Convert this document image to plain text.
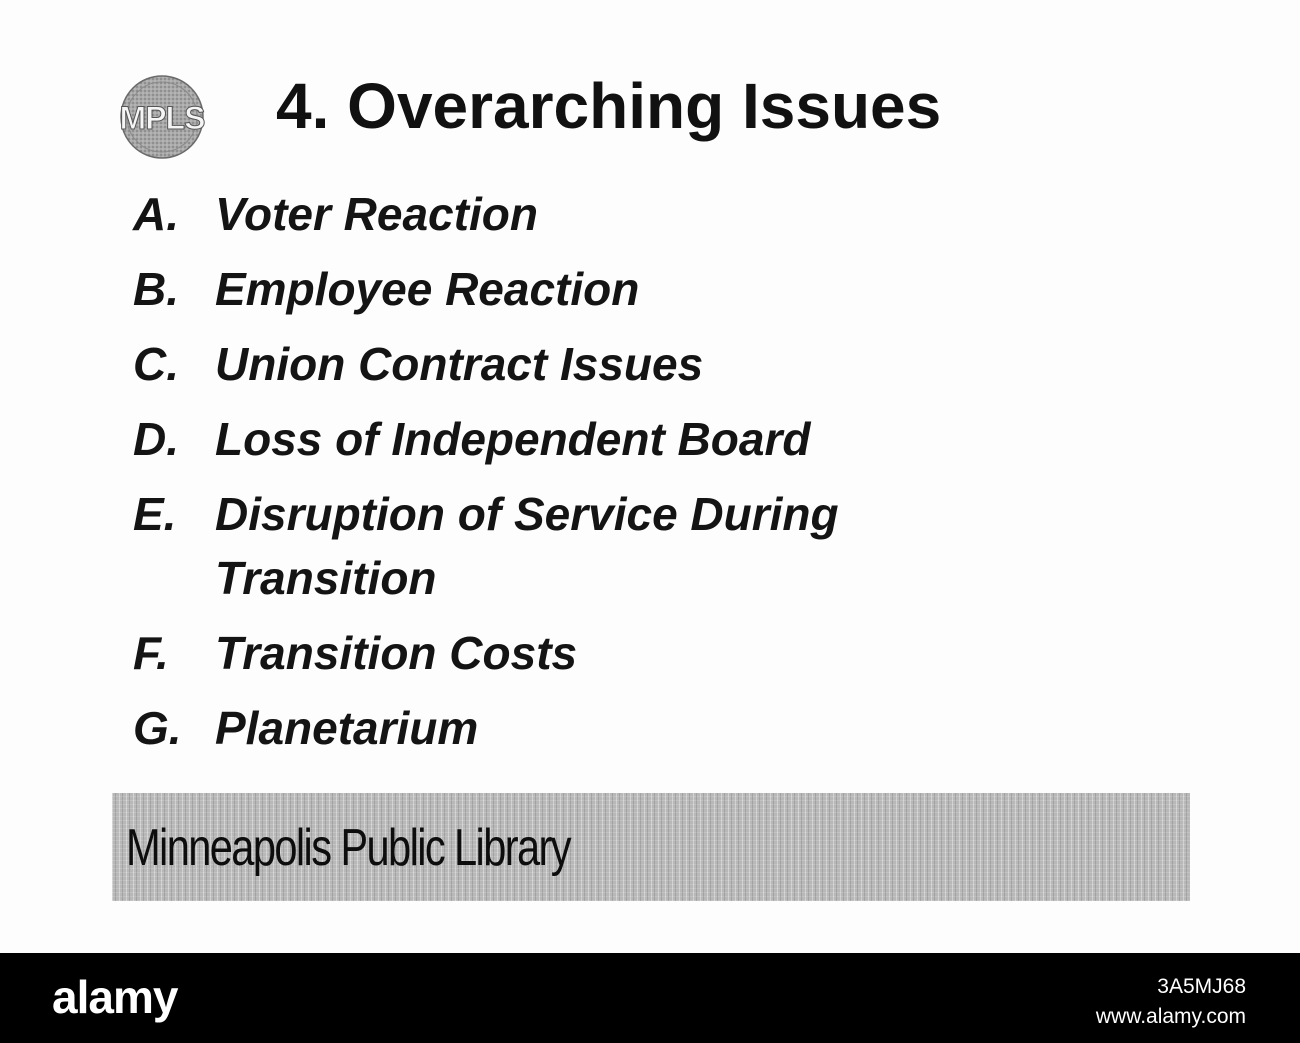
MPLS 4. Overarching Issues
A. Voter Reaction
B. Employee Reaction
C. Union Contract Issues
D. Loss of Independent Board
E. Disruption of Service During Transition
F.	Transition Costs
G. Planetarium
Minneapolis Public Library
alamy	3A5MJ68
www.alamy.com
